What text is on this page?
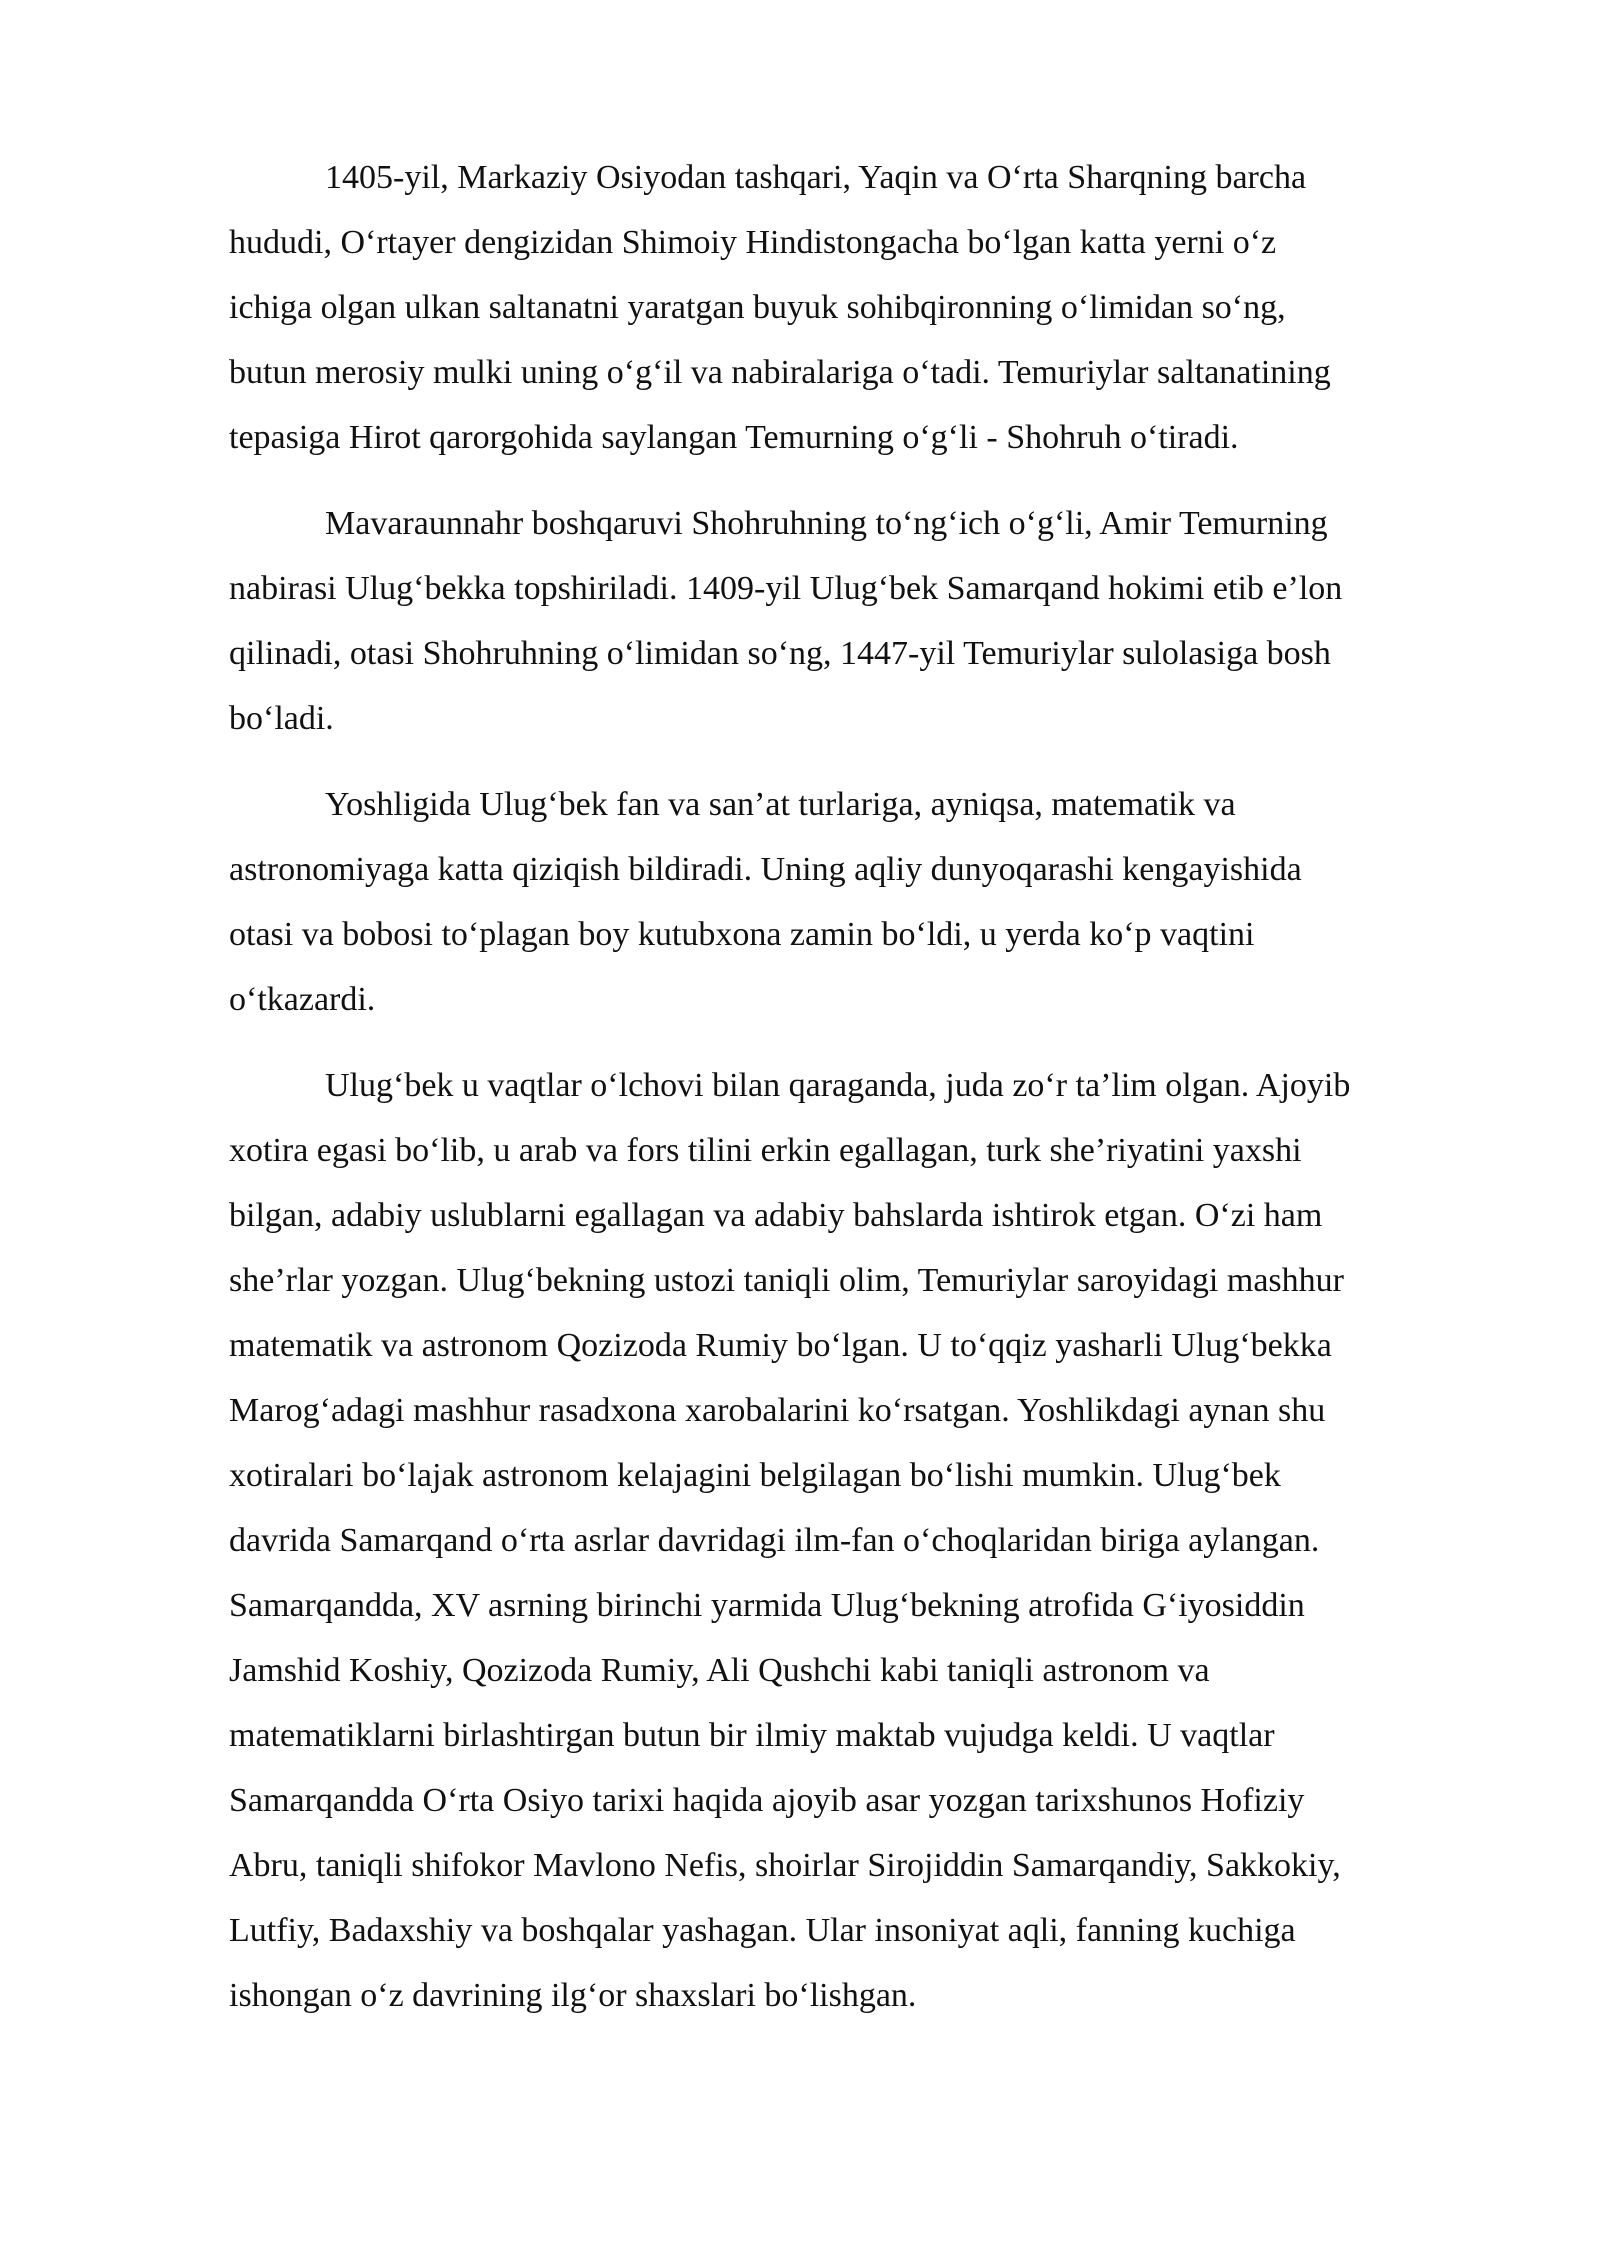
1405-yil, Markaziy Osiyodan tashqari, Yaqin va O‘rta Sharqning barcha
hududi, O‘rtayer dengizidan Shimoiy Hindistongacha bo‘lgan katta yerni o‘z
ichiga olgan ulkan saltanatni yaratgan buyuk sohibqironning o‘limidan so‘ng,
butun merosiy mulki uning o‘g‘il va nabiralariga o‘tadi. Temuriylar saltanatining
tepasiga Hirot qarorgohida saylangan Temurning o‘g‘li - Shohruh o‘tiradi.

Mavaraunnahr boshqaruvi Shohruhning to‘ng‘ich o‘g‘li, Amir Temurning
nabirasi Ulug‘bekka topshiriladi. 1409-yil Ulug‘bek Samarqand hokimi etib e’lon
qilinadi, otasi Shohruhning o‘limidan so‘ng, 1447-yil Temuriylar sulolasiga bosh
bo‘ladi.

Yoshligida Ulug‘bek fan va san’at turlariga, ayniqsa, matematik va
astronomiyaga katta qiziqish bildiradi. Uning aqliy dunyoqarashi kengayishida
otasi va bobosi to‘plagan boy kutubxona zamin bo‘ldi, u yerda ko‘p vaqtini
o‘tkazardi.

Ulug‘bek u vaqtlar o‘lchovi bilan qaraganda, juda zo‘r ta’lim olgan. Ajoyib
xotira egasi bo‘lib, u arab va fors tilini erkin egallagan, turk she’riyatini yaxshi
bilgan, adabiy uslublarni egallagan va adabiy bahslarda ishtirok etgan. O‘zi ham
she’rlar yozgan. Ulug‘bekning ustozi taniqli olim, Temuriylar saroyidagi mashhur
matematik va astronom Qozizoda Rumiy bo‘lgan. U to‘qqiz yasharli Ulug‘bekka
Marog‘adagi mashhur rasadxona xarobalarini ko‘rsatgan. Yoshlikdagi aynan shu
xotiralari bo‘lajak astronom kelajagini belgilagan bo‘lishi mumkin. Ulug‘bek
davrida Samarqand o‘rta asrlar davridagi ilm-fan o‘choqlaridan biriga aylangan.
Samarqandda, XV asrning birinchi yarmida Ulug‘bekning atrofida G‘iyosiddin
Jamshid Koshiy, Qozizoda Rumiy, Ali Qushchi kabi taniqli astronom va
matematiklarni birlashtirgan butun bir ilmiy maktab vujudga keldi. U vaqtlar
Samarqandda O‘rta Osiyo tarixi haqida ajoyib asar yozgan tarixshunos Hofiziy
Abru, taniqli shifokor Mavlono Nefis, shoirlar Sirojiddin Samarqandiy, Sakkokiy,
Lutfiy, Badaxshiy va boshqalar yashagan. Ular insoniyat aqli, fanning kuchiga
ishongan o‘z davrining ilg‘or shaxslari bo‘lishgan.
